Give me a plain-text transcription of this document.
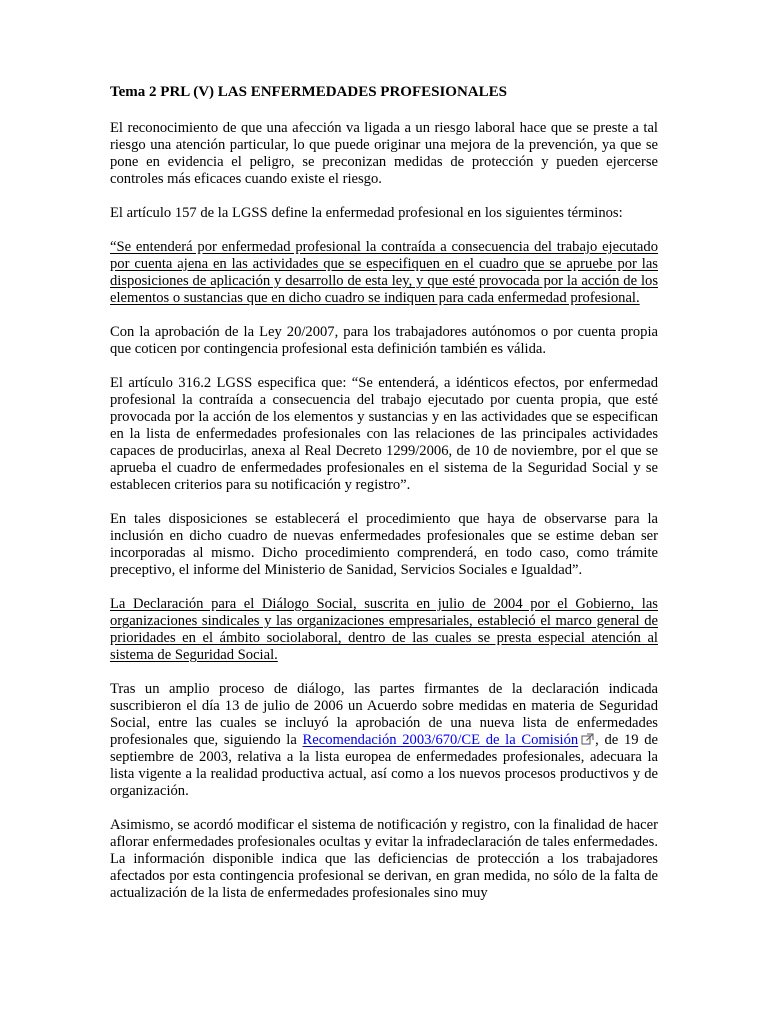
Tema 2 PRL (V) LAS ENFERMEDADES PROFESIONALES

El reconocimiento de que una afección va ligada a un riesgo laboral hace que se preste a tal riesgo una atención particular, lo que puede originar una mejora de la prevención, ya que se pone en evidencia el peligro, se preconizan medidas de protección y pueden ejercerse controles más eficaces cuando existe el riesgo.

El artículo 157 de la LGSS define la enfermedad profesional en los siguientes términos:

“Se entenderá por enfermedad profesional la contraída a consecuencia del trabajo ejecutado por cuenta ajena en las actividades que se especifiquen en el cuadro que se apruebe por las disposiciones de aplicación y desarrollo de esta ley, y que esté provocada por la acción de los elementos o sustancias que en dicho cuadro se indiquen para cada enfermedad profesional.

Con la aprobación de la Ley 20/2007, para los trabajadores autónomos o por cuenta propia que coticen por contingencia profesional esta definición también es válida.

El artículo 316.2 LGSS especifica que: “Se entenderá, a idénticos efectos, por enfermedad profesional la contraída a consecuencia del trabajo ejecutado por cuenta propia, que esté provocada por la acción de los elementos y sustancias y en las actividades que se especifican en la lista de enfermedades profesionales con las relaciones de las principales actividades capaces de producirlas, anexa al Real Decreto 1299/2006, de 10 de noviembre, por el que se aprueba el cuadro de enfermedades profesionales en el sistema de la Seguridad Social y se establecen criterios para su notificación y registro”.

En tales disposiciones se establecerá el procedimiento que haya de observarse para la inclusión en dicho cuadro de nuevas enfermedades profesionales que se estime deban ser incorporadas al mismo. Dicho procedimiento comprenderá, en todo caso, como trámite preceptivo, el informe del Ministerio de Sanidad, Servicios Sociales e Igualdad”.

La Declaración para el Diálogo Social, suscrita en julio de 2004 por el Gobierno, las organizaciones sindicales y las organizaciones empresariales, estableció el marco general de prioridades en el ámbito sociolaboral, dentro de las cuales se presta especial atención al sistema de Seguridad Social.

Tras un amplio proceso de diálogo, las partes firmantes de la declaración indicada suscribieron el día 13 de julio de 2006 un Acuerdo sobre medidas en materia de Seguridad Social, entre las cuales se incluyó la aprobación de una nueva lista de enfermedades profesionales que, siguiendo la Recomendación 2003/670/CE de la Comisión , de 19 de septiembre de 2003, relativa a la lista europea de enfermedades profesionales, adecuara la lista vigente a la realidad productiva actual, así como a los nuevos procesos productivos y de organización.

Asimismo, se acordó modificar el sistema de notificación y registro, con la finalidad de hacer aflorar enfermedades profesionales ocultas y evitar la infradeclaración de tales enfermedades. La información disponible indica que las deficiencias de protección a los trabajadores afectados por esta contingencia profesional se derivan, en gran medida, no sólo de la falta de actualización de la lista de enfermedades profesionales sino muy
